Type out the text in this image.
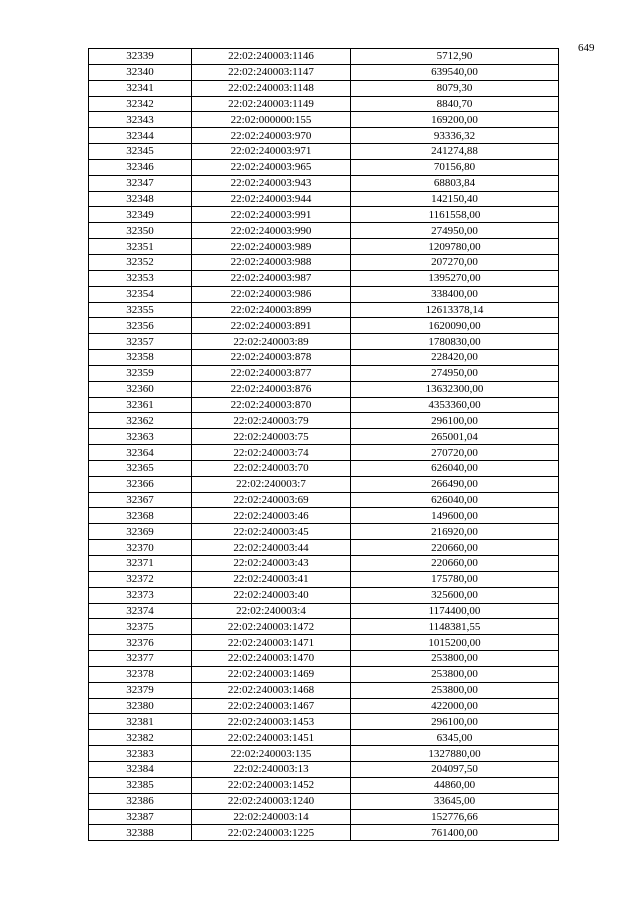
649
32339	22:02:240003:1146	5712,90
32340	22:02:240003:1147	639540,00
32341	22:02:240003:1148	8079,30
32342	22:02:240003:1149	8840,70
32343	22:02:000000:155	169200,00
32344	22:02:240003:970	93336,32
32345	22:02:240003:971	241274,88
32346	22:02:240003:965	70156,80
32347	22:02:240003:943	68803,84
32348	22:02:240003:944	142150,40
32349	22:02:240003:991	1161558,00
32350	22:02:240003:990	274950,00
32351	22:02:240003:989	1209780,00
32352	22:02:240003:988	207270,00
32353	22:02:240003:987	1395270,00
32354	22:02:240003:986	338400,00
32355	22:02:240003:899	12613378,14
32356	22:02:240003:891	1620090,00
32357	22:02:240003:89	1780830,00
32358	22:02:240003:878	228420,00
32359	22:02:240003:877	274950,00
32360	22:02:240003:876	13632300,00
32361	22:02:240003:870	4353360,00
32362	22:02:240003:79	296100,00
32363	22:02:240003:75	265001,04
32364	22:02:240003:74	270720,00
32365	22:02:240003:70	626040,00
32366	22:02:240003:7	266490,00
32367	22:02:240003:69	626040,00
32368	22:02:240003:46	149600,00
32369	22:02:240003:45	216920,00
32370	22:02:240003:44	220660,00
32371	22:02:240003:43	220660,00
32372	22:02:240003:41	175780,00
32373	22:02:240003:40	325600,00
32374	22:02:240003:4	1174400,00
32375	22:02:240003:1472	1148381,55
32376	22:02:240003:1471	1015200,00
32377	22:02:240003:1470	253800,00
32378	22:02:240003:1469	253800,00
32379	22:02:240003:1468	253800,00
32380	22:02:240003:1467	422000,00
32381	22:02:240003:1453	296100,00
32382	22:02:240003:1451	6345,00
32383	22:02:240003:135	1327880,00
32384	22:02:240003:13	204097,50
32385	22:02:240003:1452	44860,00
32386	22:02:240003:1240	33645,00
32387	22:02:240003:14	152776,66
32388	22:02:240003:1225	761400,00
